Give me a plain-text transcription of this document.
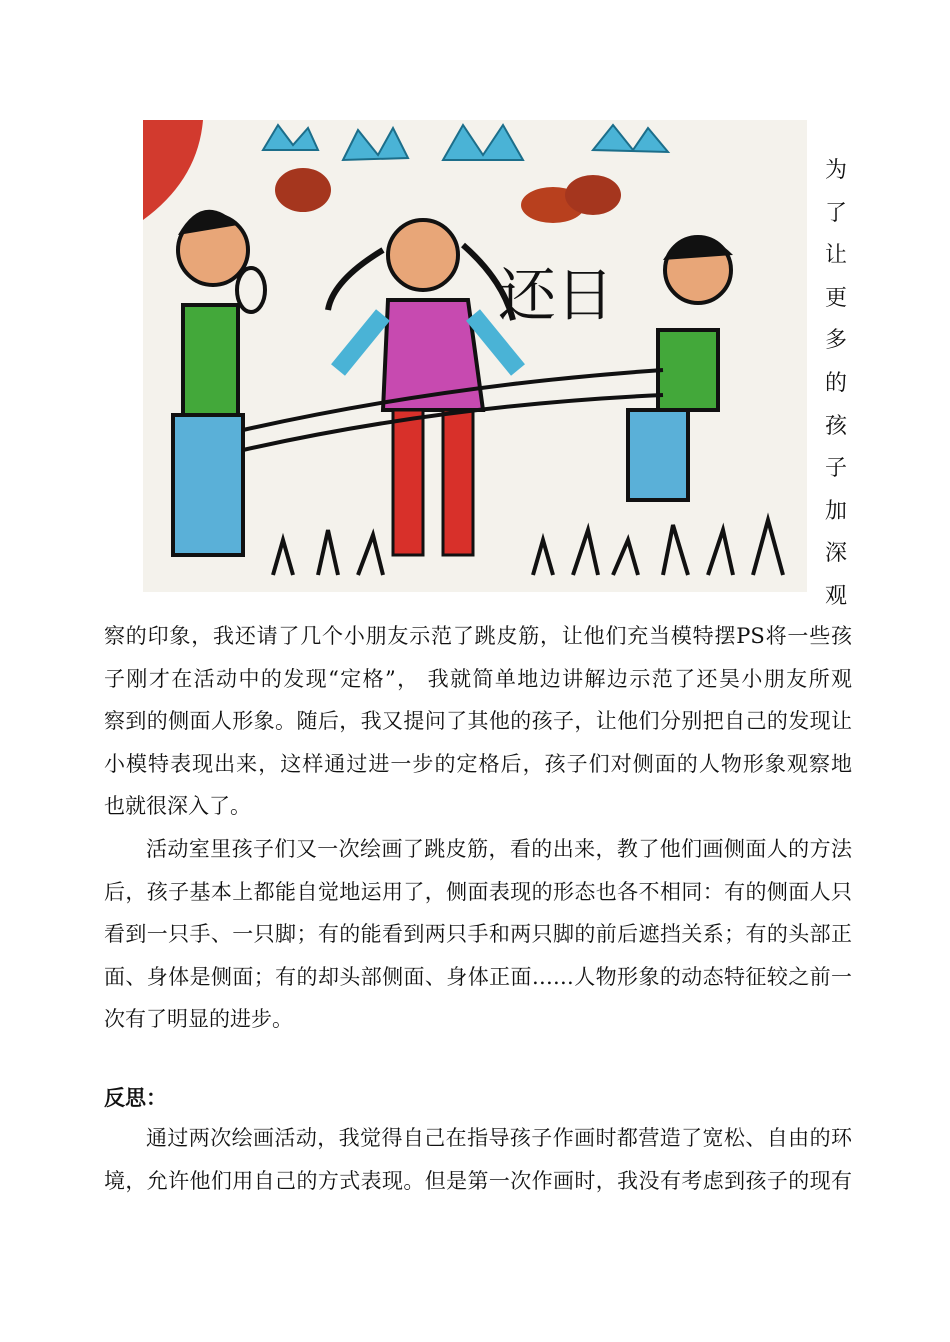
还日
为
了
让
更
多
的
孩
子
加
深
观

察的印象，我还请了几个小朋友示范了跳皮筋，让他们充当模特摆PS将一些孩

子刚才在活动中的发现“定格”， 我就简单地边讲解边示范了还昊小朋友所观

察到的侧面人形象。随后，我又提问了其他的孩子，让他们分别把自己的发现让

小模特表现出来，这样通过进一步的定格后，孩子们对侧面的人物形象观察地

也就很深入了。

活动室里孩子们又一次绘画了跳皮筋，看的出来，教了他们画侧面人的方法

后，孩子基本上都能自觉地运用了，侧面表现的形态也各不相同：有的侧面人只

看到一只手、一只脚；有的能看到两只手和两只脚的前后遮挡关系；有的头部正

面、身体是侧面；有的却头部侧面、身体正面……人物形象的动态特征较之前一

次有了明显的进步。

反思：

通过两次绘画活动，我觉得自己在指导孩子作画时都营造了宽松、自由的环

境，允许他们用自己的方式表现。但是第一次作画时，我没有考虑到孩子的现有
